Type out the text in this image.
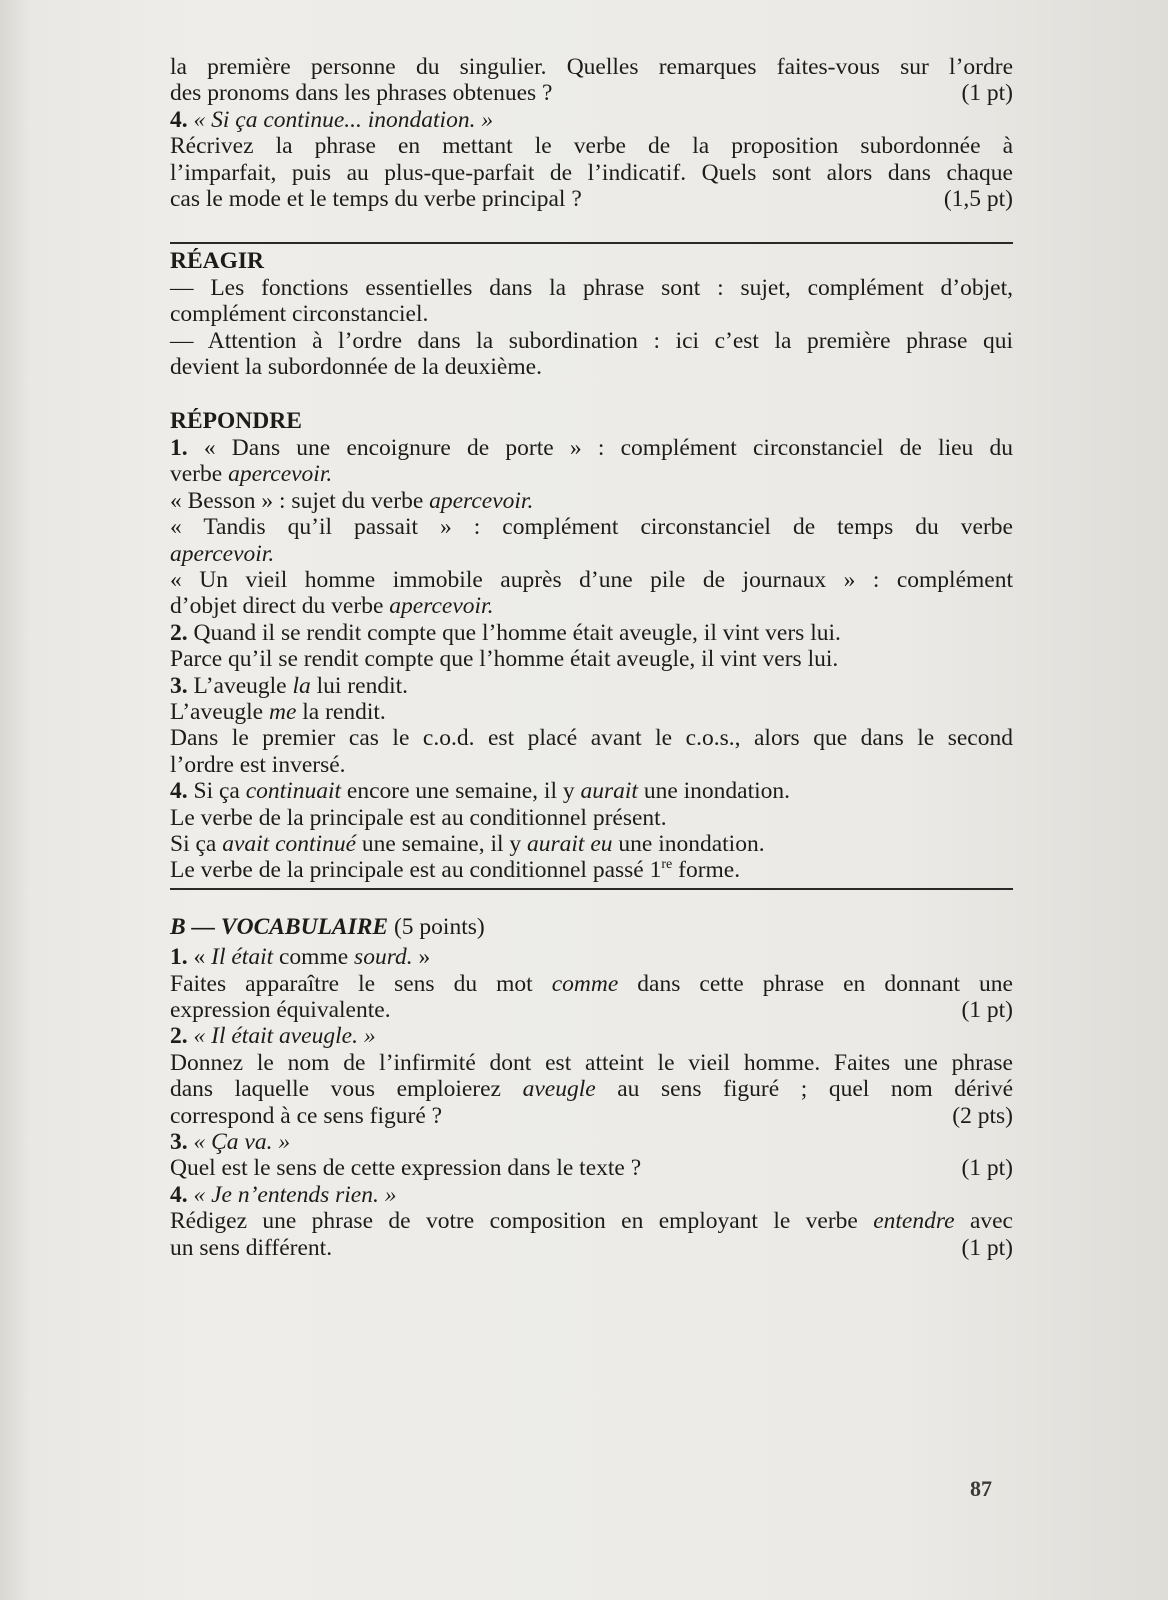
la première personne du singulier. Quelles remarques faites-vous sur l’ordre
des pronoms dans les phrases obtenues ?	(1 pt)
4.
« Si ça continue... inondation. »
Récrivez la phrase en mettant le verbe de la proposition subordonnée à
l’imparfait, puis au plus-que-parfait de l’indicatif. Quels sont alors dans chaque
cas le mode et le temps du verbe principal ?	(1,5 pt)
RÉAGIR
— Les fonctions essentielles dans la phrase sont : sujet, complément d’objet,
complément circonstanciel.
— Attention à l’ordre dans la subordination : ici c’est la première phrase qui
devient la subordonnée de la deuxième.
RÉPONDRE
1. « Dans une encoignure de porte » : complément circonstanciel de lieu du
verbe apercevoir.
« Besson » : sujet du verbe apercevoir.
« Tandis qu’il passait » : complément circonstanciel de temps du verbe
apercevoir.
« Un vieil homme immobile auprès d’une pile de journaux » : complément
d’objet direct du verbe apercevoir.
2.
Quand il se rendit compte que l’homme était aveugle, il vint vers lui.
Parce qu’il se rendit compte que l’homme était aveugle, il vint vers lui.
3.
L’aveugle la lui rendit.
L’aveugle me la rendit.
Dans le premier cas le c.o.d. est placé avant le c.o.s., alors que dans le second
l’ordre est inversé.
4.
Si ça continuait encore une semaine, il y aurait une inondation.
Le verbe de la principale est au conditionnel présent.
Si ça avait continué une semaine, il y aurait eu une inondation.
Le verbe de la principale est au conditionnel passé 1re forme.
B — VOCABULAIRE (5 points)
1.
« Il était comme sourd. »
Faites apparaître le sens du mot comme dans cette phrase en donnant une
expression équivalente.	(1 pt)
2.
« Il était aveugle. »
Donnez le nom de l’infirmité dont est atteint le vieil homme. Faites une phrase
dans laquelle vous emploierez aveugle au sens figuré ; quel nom dérivé
correspond à ce sens figuré ?	(2 pts)
3.
« Ça va. »
Quel est le sens de cette expression dans le texte ?	(1 pt)
4.
« Je n’entends rien. »
Rédigez une phrase de votre composition en employant le verbe entendre avec
un sens différent.	(1 pt)
87
